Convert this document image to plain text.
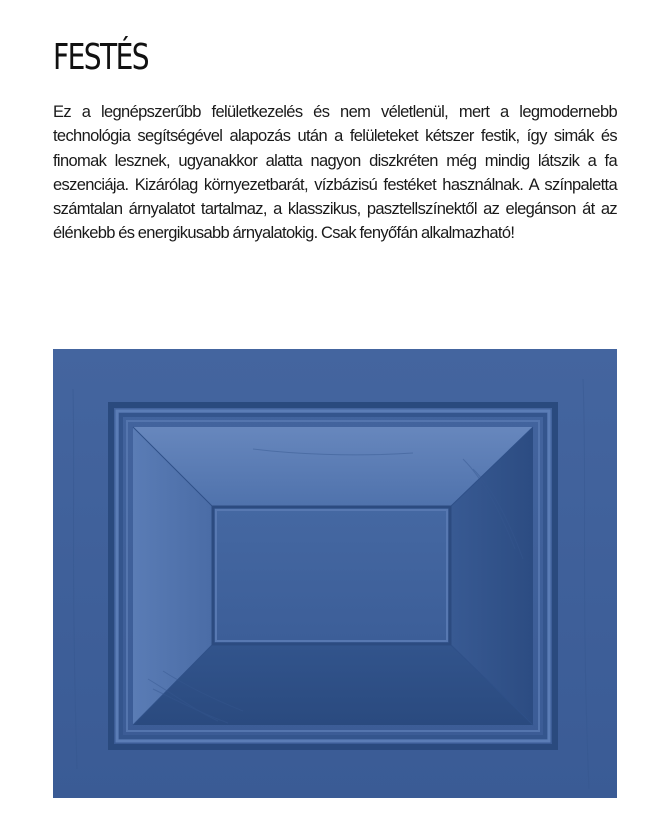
FESTÉS

Ez a legnépszerűbb felületkezelés és nem véletlenül, mert a legmodernebb technológia segítségével alapozás után a felületeket kétszer festik, így simák és finomak lesznek, ugyanakkor alatta nagyon diszkréten még mindig látszik a fa eszenciája. Kizárólag környezetbarát, vízbázisú festéket használnak. A színpaletta számtalan árnyalatot tartalmaz, a klasszikus, pasztellszínektől az elegánson át az élénkebb és energikusabb árnyalatokig. Csak fenyőfán alkalmazható!
